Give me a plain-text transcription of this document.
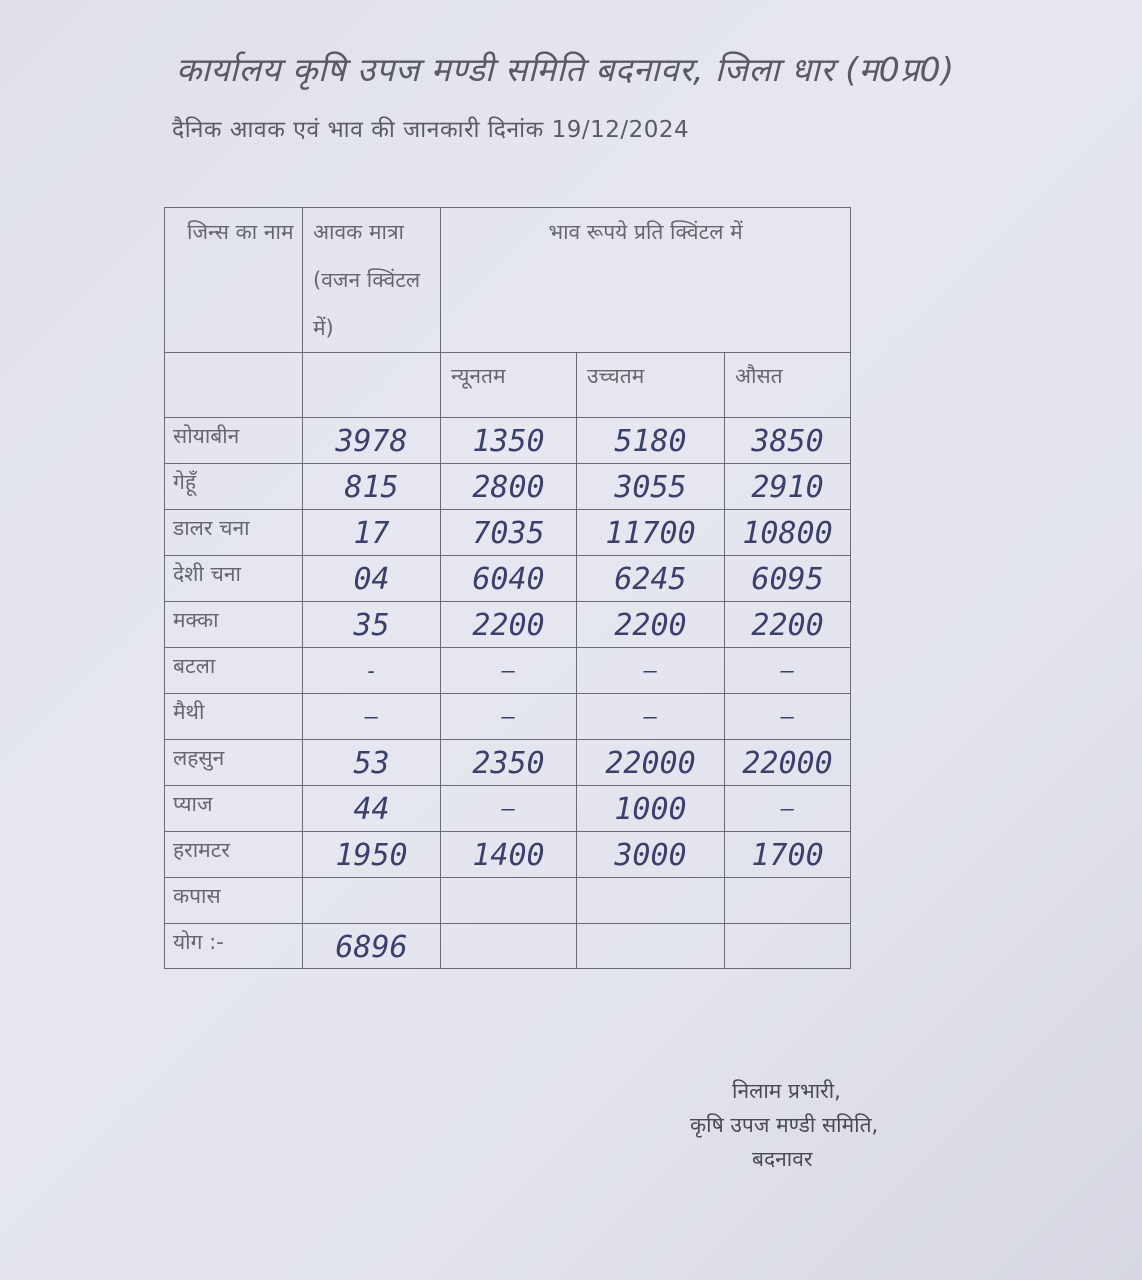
कार्यालय कृषि उपज मण्डी समिति बदनावर, जिला धार (म0प्र0)
दैनिक आवक एवं भाव की जानकारी दिनांक 19/12/2024
जिन्स का नाम	आवक मात्रा (वजन क्विंटल में)	भाव रूपये प्रति क्विंटल में		
		न्यूनतम	उच्चतम	औसत
सोयाबीन	3978	1350	5180	3850
गेहूँ	815	2800	3055	2910
डालर चना	17	7035	11700	10800
देशी चना	04	6040	6245	6095
मक्का	35	2200	2200	2200
बटला	-	–	–	–
मैथी	–	–	–	–
लहसुन	53	2350	22000	22000
प्याज	44	—	1000	—
हरामटर	1950	1400	3000	1700
कपास				
योग :-	6896			
निलाम प्रभारी,
कृषि उपज मण्डी समिति,
बदनावर
